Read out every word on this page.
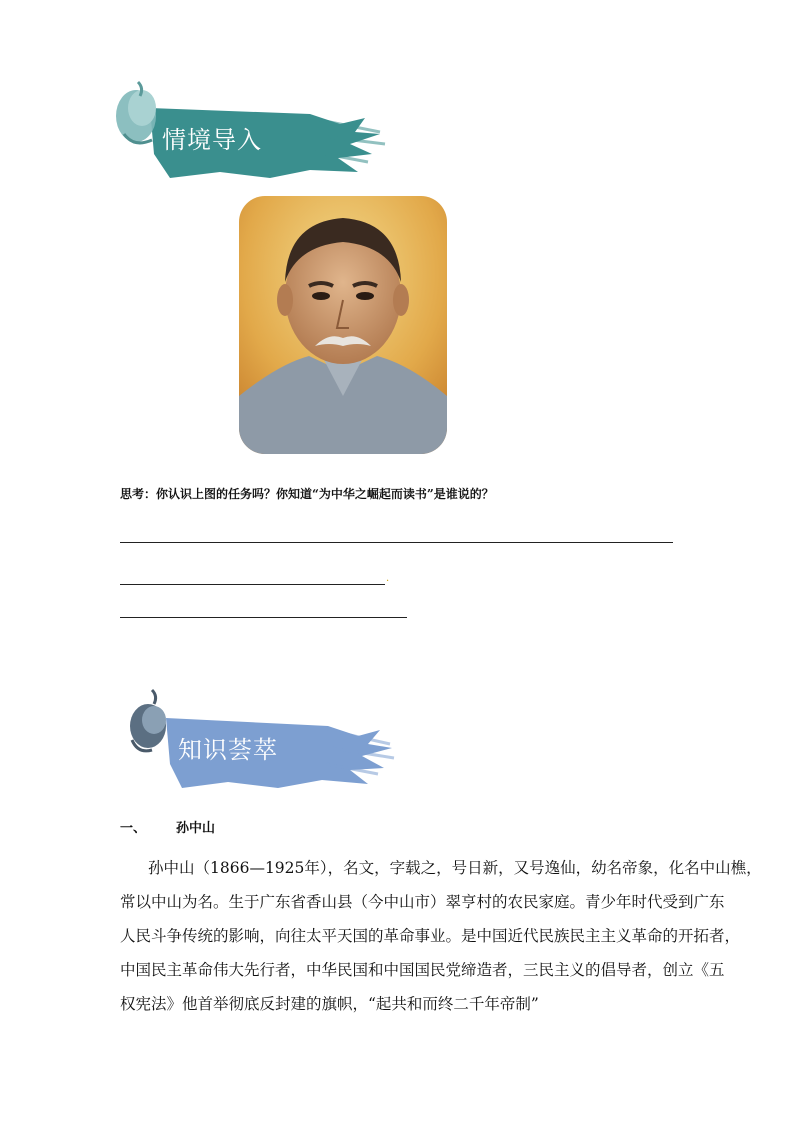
情境导入
思考：你认识上图的任务吗？你知道“为中华之崛起而读书”是谁说的？
.
知识荟萃
一、 孙中山
孙中山（1866—1925年），名文，字载之，号日新，又号逸仙，幼名帝象，化名中山樵，
常以中山为名。生于广东省香山县（今中山市）翠亨村的农民家庭。青少年时代受到广东
人民斗争传统的影响，向往太平天国的革命事业。是中国近代民族民主主义革命的开拓者，
中国民主革命伟大先行者，中华民国和中国国民党缔造者，三民主义的倡导者，创立《五
权宪法》他首举彻底反封建的旗帜，“起共和而终二千年帝制”
